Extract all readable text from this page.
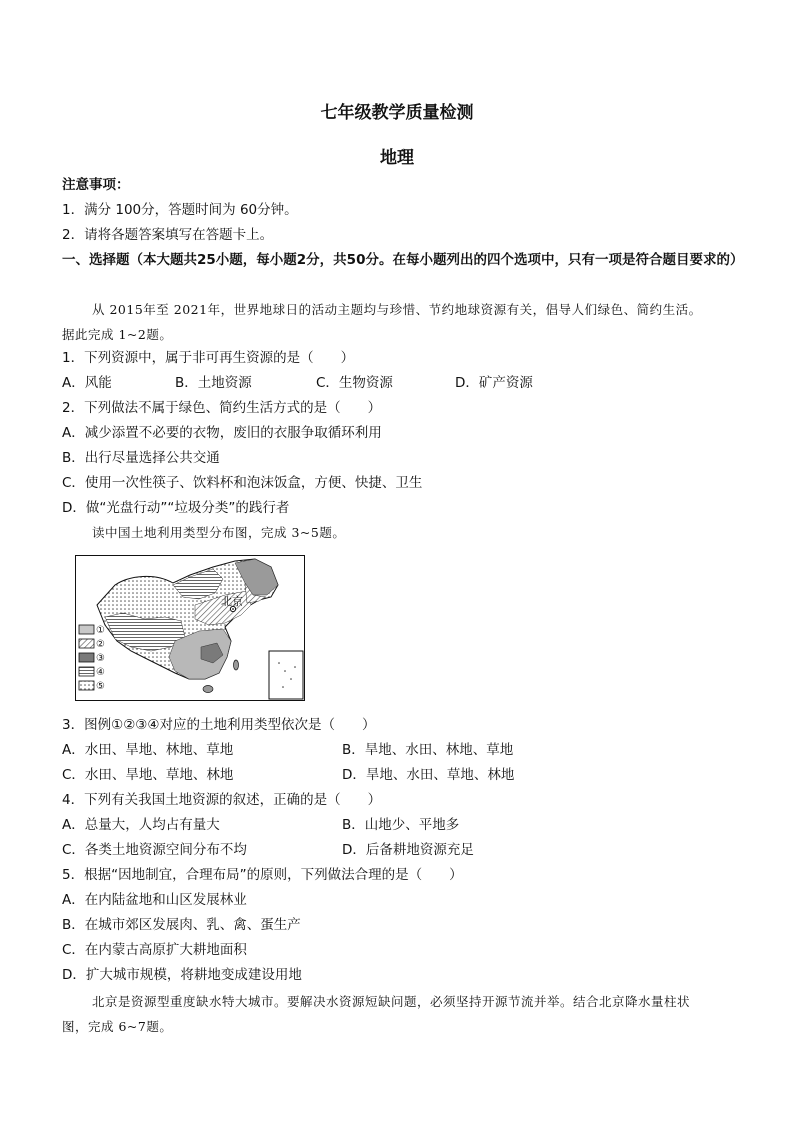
七年级教学质量检测
地理
注意事项：
1．满分 100分，答题时间为 60分钟。
2．请将各题答案填写在答题卡上。
一、选择题（本大题共25小题，每小题2分，共50分。在每小题列出的四个选项中，只有一项是符合题目要求的）
从 2015年至 2021年，世界地球日的活动主题均与珍惜、节约地球资源有关，倡导人们绿色、简约生活。
据此完成 1~2题。
1．下列资源中，属于非可再生资源的是（　　）
A．风能	B．土地资源	C．生物资源	D．矿产资源
2．下列做法不属于绿色、简约生活方式的是（　　）
A．减少添置不必要的衣物，废旧的衣服争取循环利用
B．出行尽量选择公共交通
C．使用一次性筷子、饮料杯和泡沫饭盒，方便、快捷、卫生
D．做“光盘行动”“垃圾分类”的践行者
读中国土地利用类型分布图，完成 3~5题。
①
②
③
④
⑤
北京
3．图例①②③④对应的土地利用类型依次是（　　）
A．水田、旱地、林地、草地	B．旱地、水田、林地、草地
C．水田、旱地、草地、林地	D．旱地、水田、草地、林地
4．下列有关我国土地资源的叙述，正确的是（　　）
A．总量大，人均占有量大	B．山地少、平地多
C．各类土地资源空间分布不均	D．后备耕地资源充足
5．根据“因地制宜，合理布局”的原则，下列做法合理的是（　　）
A．在内陆盆地和山区发展林业
B．在城市郊区发展肉、乳、禽、蛋生产
C．在内蒙古高原扩大耕地面积
D．扩大城市规模，将耕地变成建设用地
北京是资源型重度缺水特大城市。要解决水资源短缺问题，必须坚持开源节流并举。结合北京降水量柱状
图，完成 6~7题。
